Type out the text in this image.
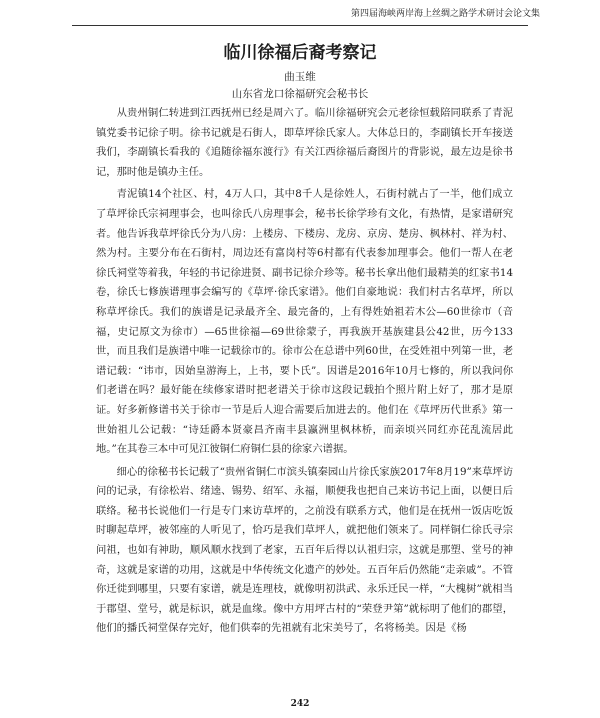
第四届海峡两岸海上丝绸之路学术研讨会论文集
临川徐福后裔考察记
曲玉维
山东省龙口徐福研究会秘书长

从贵州铜仁转进到江西抚州已经是周六了。临川徐福研究会元老徐恒载陪同联系了青泥镇党委书记徐子明。徐书记就是石街人，即草坪徐氏家人。大体总日的，李副镇长开车接送我们，李副镇长看我的《追随徐福东渡行》有关江西徐福后裔图片的背影说，最左边是徐书记，那时他是镇办主任。

青泥镇14个社区、村，4万人口，其中8千人是徐姓人，石街村就占了一半，他们成立了草坪徐氏宗祠理事会，也叫徐氏八房理事会，秘书长徐学珍有文化，有热情，是家谱研究者。他告诉我草坪徐氏分为八房：上楼房、下楼房、龙房、京房、楚房、枫林村、祥为村、然为村。主要分布在石街村，周边还有富岗村等6村都有代表参加理事会。他们一帮人在老徐氏祠堂等着我，年轻的书记徐进贤、副书记徐介珍等。秘书长拿出他们最精美的红家书14卷，徐氏七修族谱理事会编写的《草坪·徐氏家谱》。他们自豪地说：我们村古名草坪，所以称草坪徐氏。我们的族谱是记录最齐全、最完备的，上有得姓始祖若木公—60世徐市（音福，史记原文为徐市）—65世徐福—69世徐蒙子，再我族开基族建县公42世，历今133世，而且我们是族谱中唯一记载徐市的。徐市公在总谱中列60世，在受姓祖中列第一世，老谱记载：“讳市，因始皇游海上，上书，要卜氏”。因谱是2016年10月七修的，所以我问你们老谱在吗？最好能在续修家谱时把老谱关于徐市这段记载拍个照片附上好了，那才是原证。好多新修谱书关于徐市一节是后人迎合需要后加进去的。他们在《草坪历代世系》第一世始祖儿公记载：“诗廷爵本贤豪昌齐南丰县瀛洲里枫林桥，而亲顷兴同红亦芘乱流居此地。”在其卷三本中可见江彼铜仁府铜仁县的徐家六谱据。

细心的徐秘书长记载了“贵州省铜仁市滨头镇秦园山片徐氏家族2017年8月19”来草坪访问的记录，有徐松岩、绪逵、锡势、绍军、永福，顺便我也把自己来访书记上面，以便日后联络。秘书长说他们一行是专门来访草坪的，之前没有联系方式，他们是在抚州一饭店吃饭时聊起草坪，被邻座的人听见了，恰巧是我们草坪人，就把他们领来了。同样铜仁徐氏寻宗问祖，也如有神助，顺风顺水找到了老家，五百年后得以认祖归宗，这就是那塑、堂号的神奇，这就是家谱的功用，这就是中华传统文化遗产的妙处。五百年后仍然能“走亲戚”。不管你迁徙到哪里，只要有家谱，就是连理枝，就像明初洪武、永乐迁民一样，“大槐树”就相当于郡望、堂号，就是标识，就是血缘。像中方用坪古村的“荣登尹第”就标明了他们的郡望，他们的播氏祠堂保存完好，他们供奉的先祖就有北宋美号了，名将杨美。因是《杨

242
